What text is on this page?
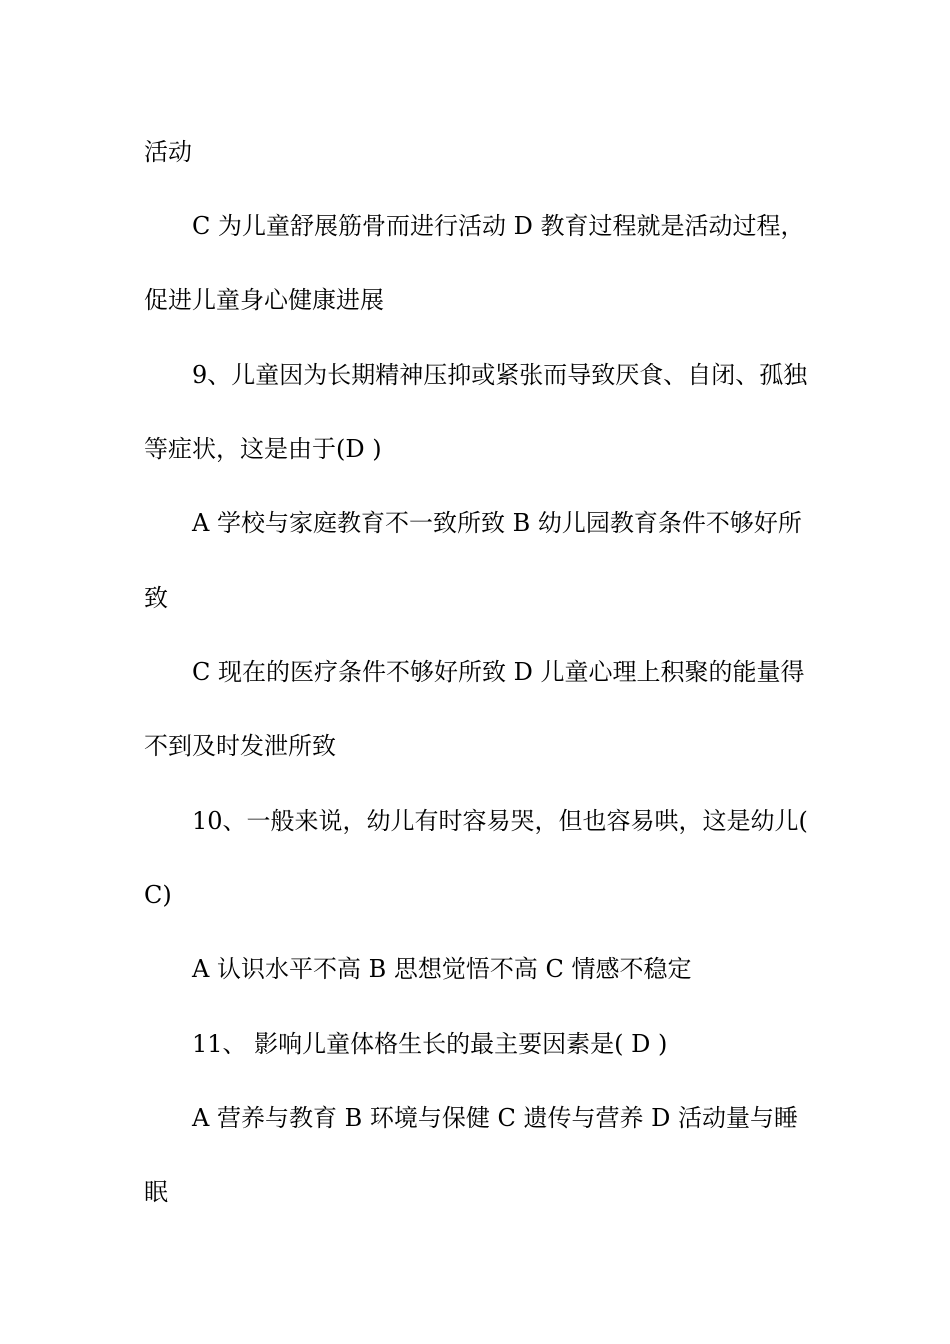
活动

C 为儿童舒展筋骨而进行活动 D 教育过程就是活动过程，

促进儿童身心健康进展

9、儿童因为长期精神压抑或紧张而导致厌食、自闭、孤独

等症状，这是由于(D )

A 学校与家庭教育不一致所致 B 幼儿园教育条件不够好所

致

C 现在的医疗条件不够好所致 D 儿童心理上积聚的能量得

不到及时发泄所致

10、一般来说，幼儿有时容易哭，但也容易哄，这是幼儿(

C)

A 认识水平不高 B 思想觉悟不高 C 情感不稳定

11、 影响儿童体格生长的最主要因素是( D )

A 营养与教育 B 环境与保健 C 遗传与营养 D 活动量与睡

眠
